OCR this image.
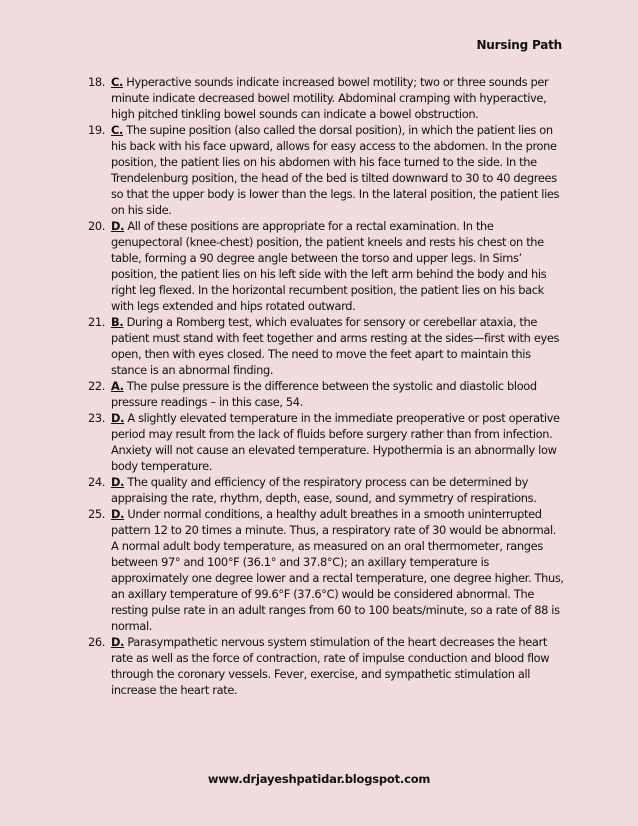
Nursing Path
18. C. Hyperactive sounds indicate increased bowel motility; two or three sounds per minute indicate decreased bowel motility. Abdominal cramping with hyperactive, high pitched tinkling bowel sounds can indicate a bowel obstruction.
19. C. The supine position (also called the dorsal position), in which the patient lies on his back with his face upward, allows for easy access to the abdomen. In the prone position, the patient lies on his abdomen with his face turned to the side. In the Trendelenburg position, the head of the bed is tilted downward to 30 to 40 degrees so that the upper body is lower than the legs. In the lateral position, the patient lies on his side.
20. D. All of these positions are appropriate for a rectal examination. In the genupectoral (knee-chest) position, the patient kneels and rests his chest on the table, forming a 90 degree angle between the torso and upper legs. In Sims’ position, the patient lies on his left side with the left arm behind the body and his right leg flexed. In the horizontal recumbent position, the patient lies on his back with legs extended and hips rotated outward.
21. B. During a Romberg test, which evaluates for sensory or cerebellar ataxia, the patient must stand with feet together and arms resting at the sides—first with eyes open, then with eyes closed. The need to move the feet apart to maintain this stance is an abnormal finding.
22. A. The pulse pressure is the difference between the systolic and diastolic blood pressure readings – in this case, 54.
23. D. A slightly elevated temperature in the immediate preoperative or post operative period may result from the lack of fluids before surgery rather than from infection. Anxiety will not cause an elevated temperature. Hypothermia is an abnormally low body temperature.
24. D. The quality and efficiency of the respiratory process can be determined by appraising the rate, rhythm, depth, ease, sound, and symmetry of respirations.
25. D. Under normal conditions, a healthy adult breathes in a smooth uninterrupted pattern 12 to 20 times a minute. Thus, a respiratory rate of 30 would be abnormal. A normal adult body temperature, as measured on an oral thermometer, ranges between 97° and 100°F (36.1° and 37.8°C); an axillary temperature is approximately one degree lower and a rectal temperature, one degree higher. Thus, an axillary temperature of 99.6°F (37.6°C) would be considered abnormal. The resting pulse rate in an adult ranges from 60 to 100 beats/minute, so a rate of 88 is normal.
26. D. Parasympathetic nervous system stimulation of the heart decreases the heart rate as well as the force of contraction, rate of impulse conduction and blood flow through the coronary vessels. Fever, exercise, and sympathetic stimulation all increase the heart rate.
www.drjayeshpatidar.blogspot.com
